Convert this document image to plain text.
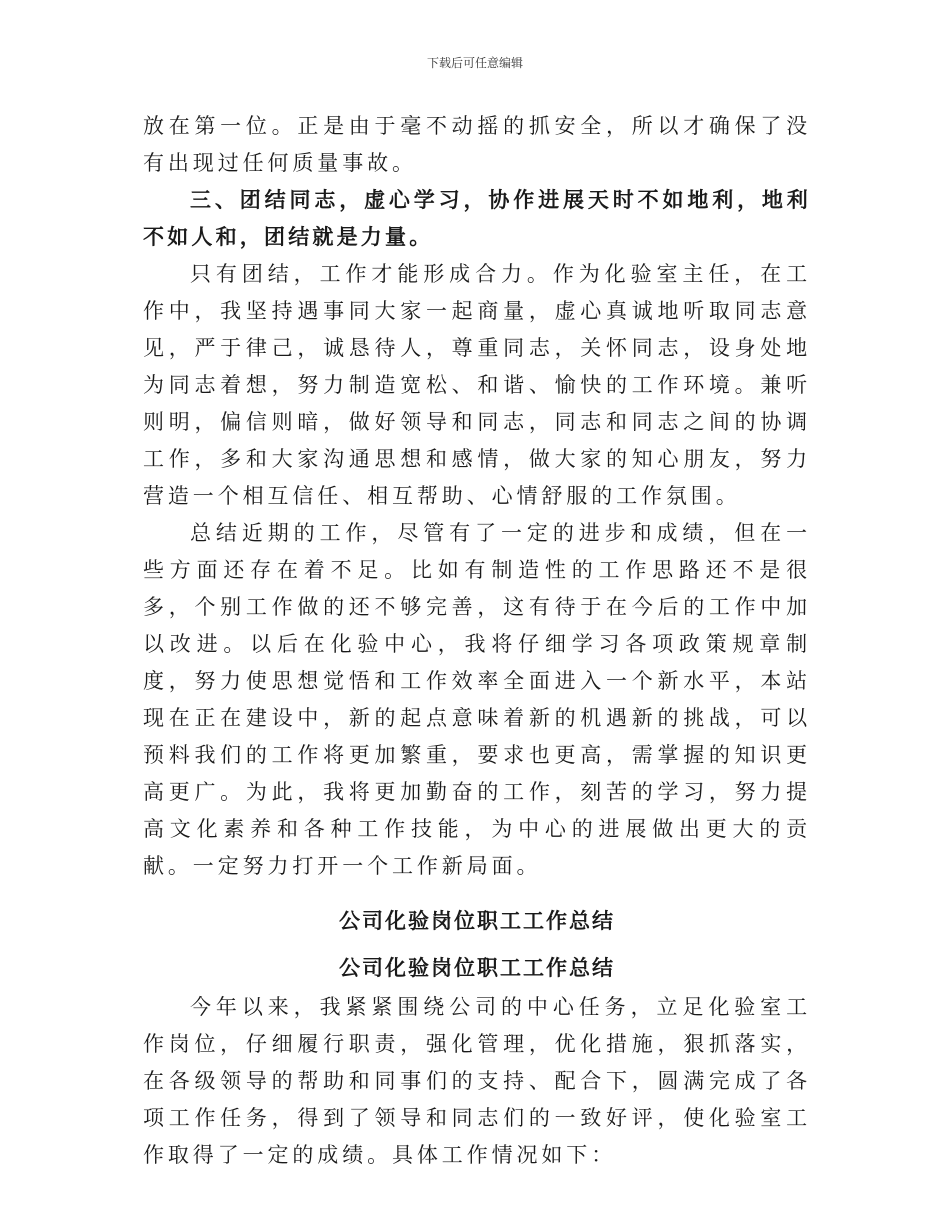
下载后可任意编辑

放在第一位。正是由于毫不动摇的抓安全，所以才确保了没有出现过任何质量事故。

三、团结同志，虚心学习，协作进展天时不如地利，地利不如人和，团结就是力量。

只有团结，工作才能形成合力。作为化验室主任，在工作中，我坚持遇事同大家一起商量，虚心真诚地听取同志意见，严于律己，诚恳待人，尊重同志，关怀同志，设身处地为同志着想，努力制造宽松、和谐、愉快的工作环境。兼听则明，偏信则暗，做好领导和同志，同志和同志之间的协调工作，多和大家沟通思想和感情，做大家的知心朋友，努力营造一个相互信任、相互帮助、心情舒服的工作氛围。

总结近期的工作，尽管有了一定的进步和成绩，但在一些方面还存在着不足。比如有制造性的工作思路还不是很多，个别工作做的还不够完善，这有待于在今后的工作中加以改进。以后在化验中心，我将仔细学习各项政策规章制度，努力使思想觉悟和工作效率全面进入一个新水平，本站现在正在建设中，新的起点意味着新的机遇新的挑战，可以预料我们的工作将更加繁重，要求也更高，需掌握的知识更高更广。为此，我将更加勤奋的工作，刻苦的学习，努力提高文化素养和各种工作技能，为中心的进展做出更大的贡献。一定努力打开一个工作新局面。

公司化验岗位职工工作总结

公司化验岗位职工工作总结

今年以来，我紧紧围绕公司的中心任务，立足化验室工作岗位，仔细履行职责，强化管理，优化措施，狠抓落实，在各级领导的帮助和同事们的支持、配合下，圆满完成了各项工作任务，得到了领导和同志们的一致好评，使化验室工作取得了一定的成绩。具体工作情况如下：
